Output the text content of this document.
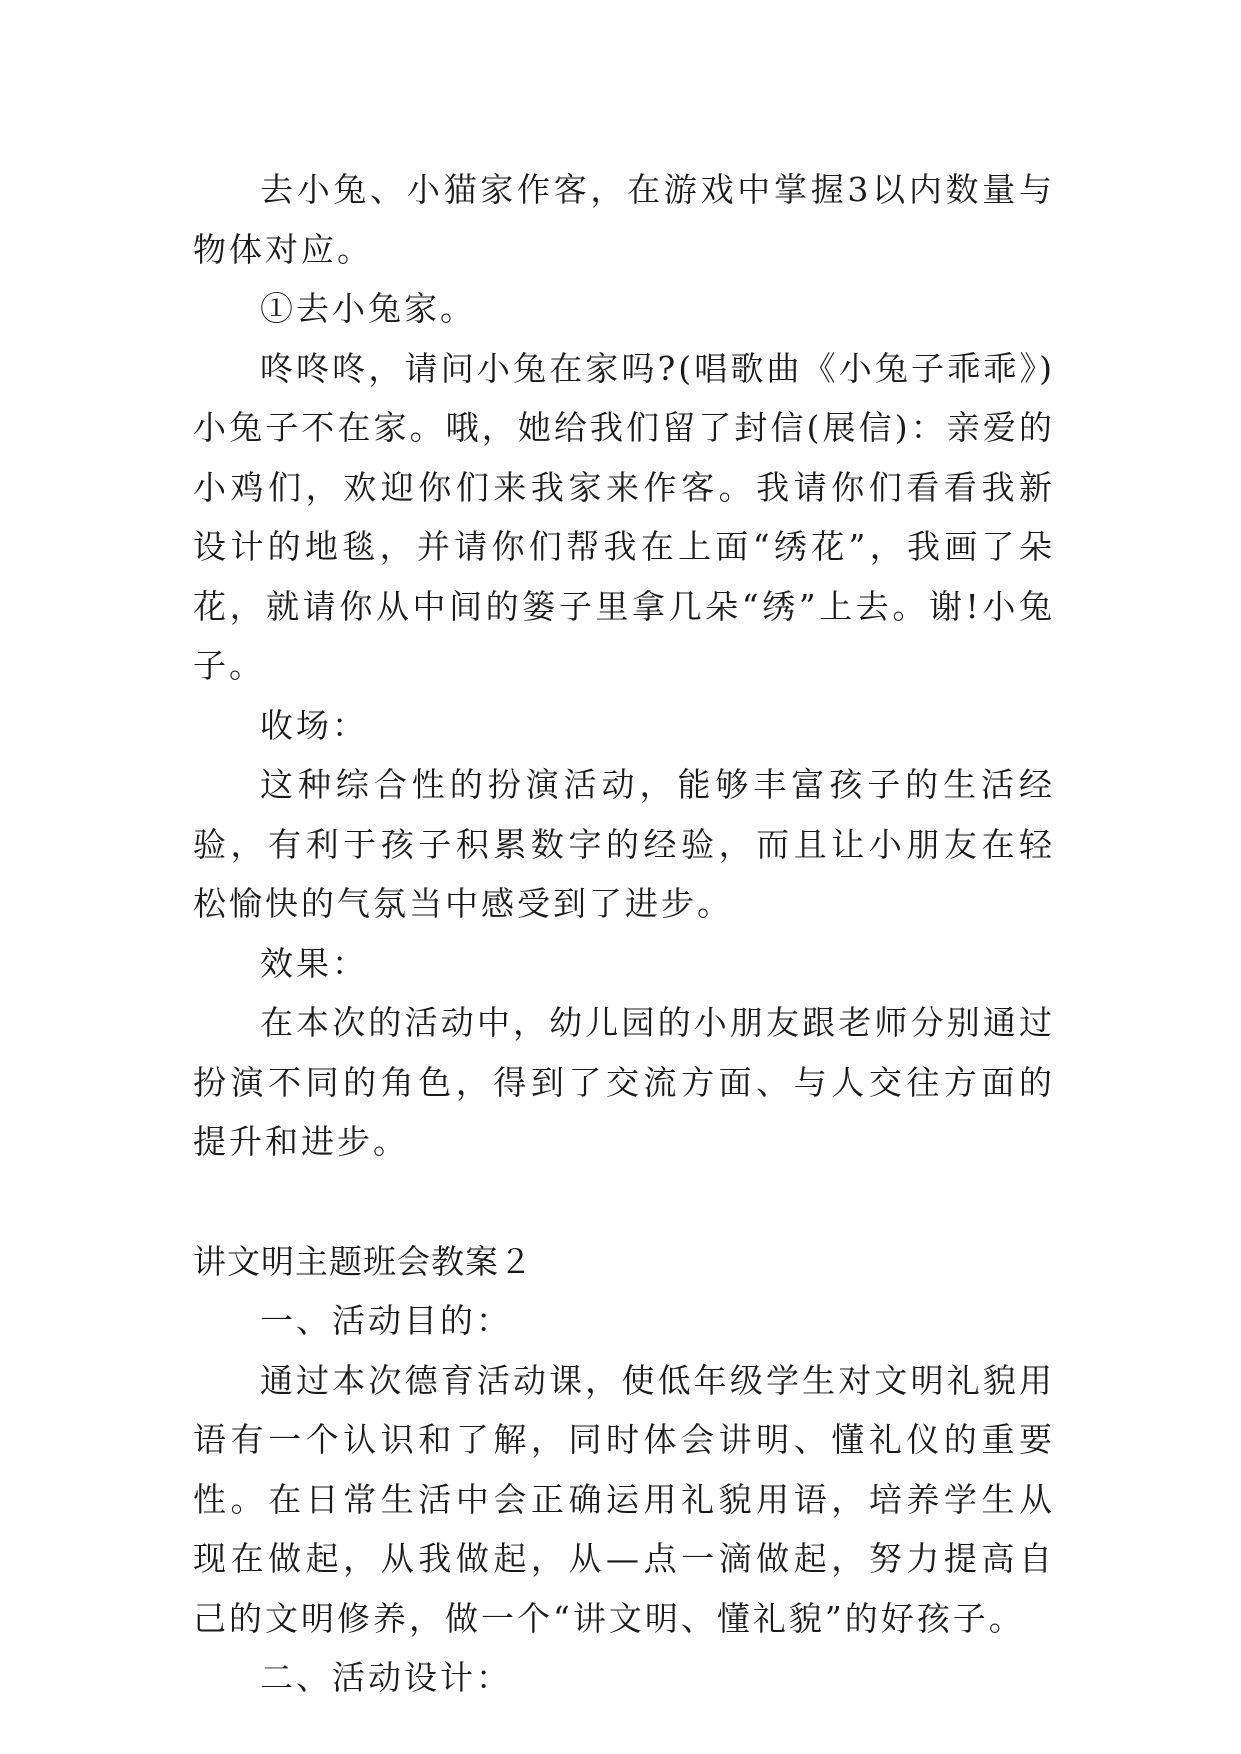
去小兔、小猫家作客，在游戏中掌握3以内数量与物体对应。

①去小兔家。

咚咚咚，请问小兔在家吗?(唱歌曲《小兔子乖乖》)小兔子不在家。哦，她给我们留了封信(展信)：亲爱的小鸡们，欢迎你们来我家来作客。我请你们看看我新设计的地毯，并请你们帮我在上面“绣花”，我画了朵花，就请你从中间的篓子里拿几朵“绣”上去。谢!小兔子。

收场：

这种综合性的扮演活动，能够丰富孩子的生活经验，有利于孩子积累数字的经验，而且让小朋友在轻松愉快的气氛当中感受到了进步。

效果：

在本次的活动中，幼儿园的小朋友跟老师分别通过扮演不同的角色，得到了交流方面、与人交往方面的提升和进步。

讲文明主题班会教案２

一、活动目的：

通过本次德育活动课，使低年级学生对文明礼貌用语有一个认识和了解，同时体会讲明、懂礼仪的重要性。在日常生活中会正确运用礼貌用语，培养学生从现在做起，从我做起，从—点一滴做起，努力提高自己的文明修养，做一个“讲文明、懂礼貌”的好孩子。

二、活动设计：
